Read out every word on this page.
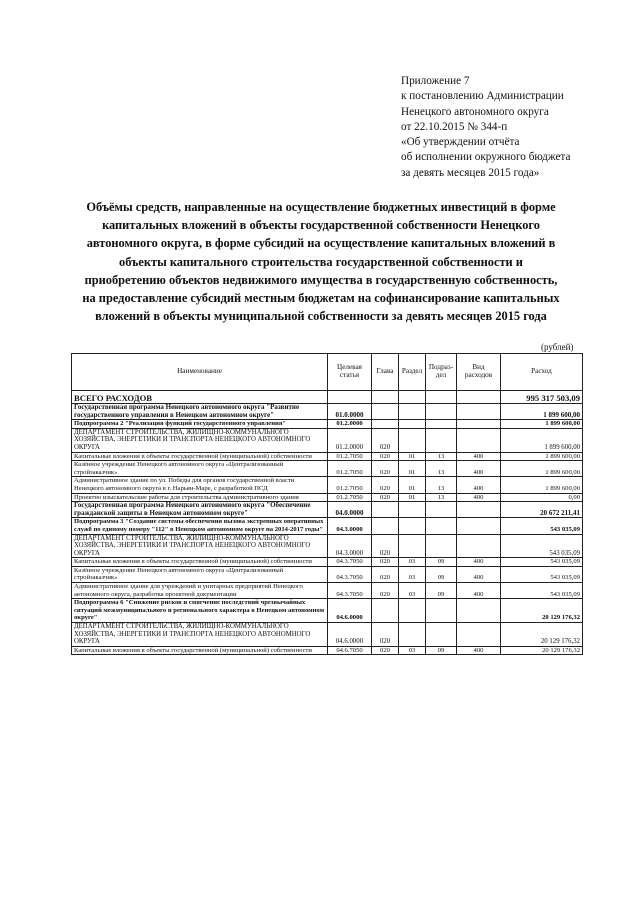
Приложение 7
к постановлению Администрации
Ненецкого автономного округа
от 22.10.2015 № 344-п
«Об утверждении отчёта
об исполнении окружного бюджета
за девять месяцев 2015 года»
Объёмы средств, направленные на осуществление бюджетных инвестиций в форме
капитальных вложений в объекты государственной собственности Ненецкого
автономного округа, в форме субсидий на осуществление капитальных вложений в
объекты капитального строительства государственной собственности и
приобретению объектов недвижимого имущества в государственную собственность,
на предоставление субсидий местным бюджетам на софинансирование капитальных
вложений в объекты муниципальной собственности за девять месяцев 2015 года
(рублей)
Наименование	Целевая статья	Глава	Раздел	Подраз-дел	Вид расходов	Расход
ВСЕГО РАСХОДОВ						995 317 503,09
Государственная программа Ненецкого автономного округа "Развитие государственного управления в Ненецком автономном округе"	01.0.0000					1 899 600,00
Подпрограмма 2 "Реализация функций государственного управления"	01.2.0000					1 899 600,00
ДЕПАРТАМЕНТ СТРОИТЕЛЬСТВА, ЖИЛИЩНО-КОММУНАЛЬНОГО ХОЗЯЙСТВА, ЭНЕРГЕТИКИ И ТРАНСПОРТА НЕНЕЦКОГО АВТОНОМНОГО ОКРУГА	01.2.0000	020				1 899 600,00
Капитальные вложения в объекты государственной (муниципальной) собственности	01.2.7050	020	01	13	400	1 899 600,00
Казённое учреждение Ненецкого автономного округа «Централизованный стройзаказчик»	01.2.7050	020	01	13	400	1 899 600,00
Административное здание по ул. Победы для органов государственной власти Ненецкого автономного округа в г. Нарьян-Маре, с разработкой ПСД	01.2.7050	020	01	13	400	1 899 600,00
Проектно изыскательские работы для строительства административного здания	01.2.7050	020	01	13	400	0,00
Государственная программа Ненецкого автономного округа "Обеспечение гражданской защиты в Ненецком автономном округе"	04.0.0000					20 672 211,41
Подпрограмма 3 "Создание системы обеспечения вызова экстренных оперативных служб по единому номеру "112" в Ненецком автономном округе на 2014-2017 годы"	04.3.0000					543 035,09
ДЕПАРТАМЕНТ СТРОИТЕЛЬСТВА, ЖИЛИЩНО-КОММУНАЛЬНОГО ХОЗЯЙСТВА, ЭНЕРГЕТИКИ И ТРАНСПОРТА НЕНЕЦКОГО АВТОНОМНОГО ОКРУГА	04.3.0000	020				543 035,09
Капитальные вложения в объекты государственной (муниципальной) собственности	04.3.7050	020	03	09	400	543 035,09
Казённое учреждение Ненецкого автономного округа «Централизованный стройзаказчик»	04.3.7050	020	03	09	400	543 035,09
Административное здание для учреждений и унитарных предприятий Ненецкого автономного округа, разработка проектной документации	04.3.7050	020	03	09	400	543 035,09
Подпрограмма 6 "Снижение рисков и смягчение последствий чрезвычайных ситуаций межмуниципального и регионального характера в Ненецком автономном округе"	04.6.0000					20 129 176,32
ДЕПАРТАМЕНТ СТРОИТЕЛЬСТВА, ЖИЛИЩНО-КОММУНАЛЬНОГО ХОЗЯЙСТВА, ЭНЕРГЕТИКИ И ТРАНСПОРТА НЕНЕЦКОГО АВТОНОМНОГО ОКРУГА	04.6.0000	020				20 129 176,32
Капитальные вложения в объекты государственной (муниципальной) собственности	04.6.7050	020	03	09	400	20 129 176,32
